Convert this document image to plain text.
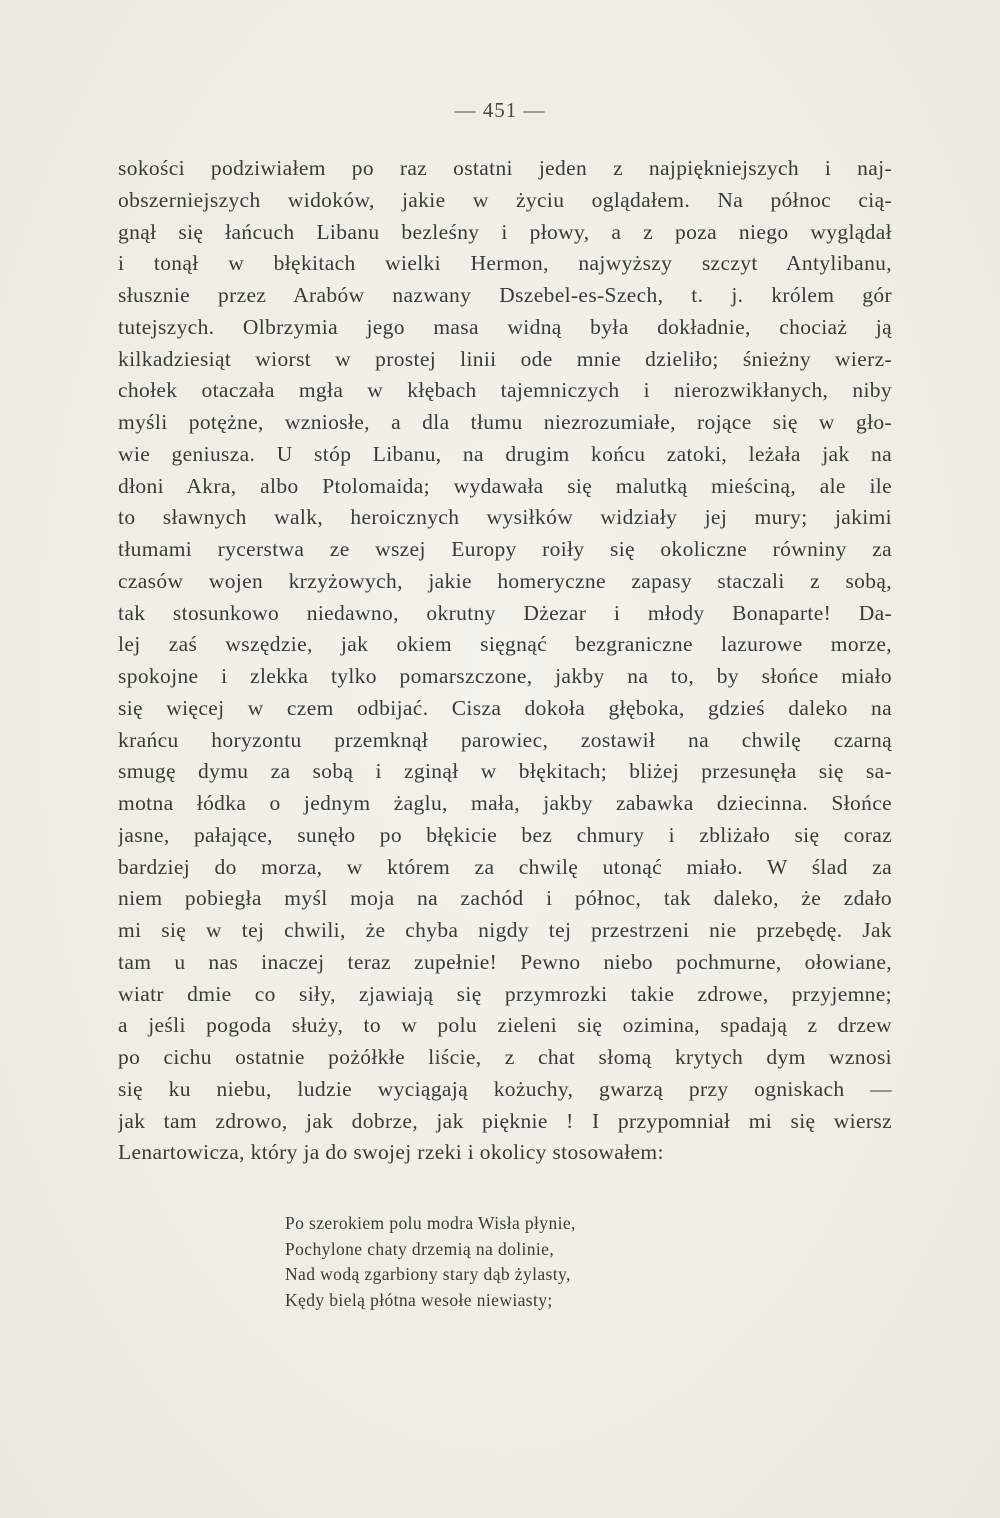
— 451 —
sokości podziwiałem po raz ostatni jeden z najpiękniejszych i naj-
obszerniejszych widoków, jakie w życiu oglądałem. Na północ cią-
gnął się łańcuch Libanu bezleśny i płowy, a z poza niego wyglądał
i tonął w błękitach wielki Hermon, najwyższy szczyt Antylibanu,
słusznie przez Arabów nazwany Dszebel-es-Szech, t. j. królem gór
tutejszych. Olbrzymia jego masa widną była dokładnie, chociaż ją
kilkadziesiąt wiorst w prostej linii ode mnie dzieliło; śnieżny wierz-
chołek otaczała mgła w kłębach tajemniczych i nierozwikłanych, niby
myśli potężne, wzniosłe, a dla tłumu niezrozumiałe, rojące się w gło-
wie geniusza. U stóp Libanu, na drugim końcu zatoki, leżała jak na
dłoni Akra, albo Ptolomaida; wydawała się malutką mieściną, ale ile
to sławnych walk, heroicznych wysiłków widziały jej mury; jakimi
tłumami rycerstwa ze wszej Europy roiły się okoliczne równiny za
czasów wojen krzyżowych, jakie homeryczne zapasy staczali z sobą,
tak stosunkowo niedawno, okrutny Dżezar i młody Bonaparte! Da-
lej zaś wszędzie, jak okiem sięgnąć bezgraniczne lazurowe morze,
spokojne i zlekka tylko pomarszczone, jakby na to, by słońce miało
się więcej w czem odbijać. Cisza dokoła głęboka, gdzieś daleko na
krańcu horyzontu przemknął parowiec, zostawił na chwilę czarną
smugę dymu za sobą i zginął w błękitach; bliżej przesunęła się sa-
motna łódka o jednym żaglu, mała, jakby zabawka dziecinna. Słońce
jasne, pałające, sunęło po błękicie bez chmury i zbliżało się coraz
bardziej do morza, w którem za chwilę utonąć miało. W ślad za
niem pobiegła myśl moja na zachód i północ, tak daleko, że zdało
mi się w tej chwili, że chyba nigdy tej przestrzeni nie przebędę. Jak
tam u nas inaczej teraz zupełnie! Pewno niebo pochmurne, ołowiane,
wiatr dmie co siły, zjawiają się przymrozki takie zdrowe, przyjemne;
a jeśli pogoda służy, to w polu zieleni się ozimina, spadają z drzew
po cichu ostatnie pożółkłe liście, z chat słomą krytych dym wznosi
się ku niebu, ludzie wyciągają kożuchy, gwarzą przy ogniskach —
jak tam zdrowo, jak dobrze, jak pięknie ! I przypomniał mi się wiersz
Lenartowicza, który ja do swojej rzeki i okolicy stosowałem:
Po szerokiem polu modra Wisła płynie,
Pochylone chaty drzemią na dolinie,
Nad wodą zgarbiony stary dąb żylasty,
Kędy bielą płótna wesołe niewiasty;
